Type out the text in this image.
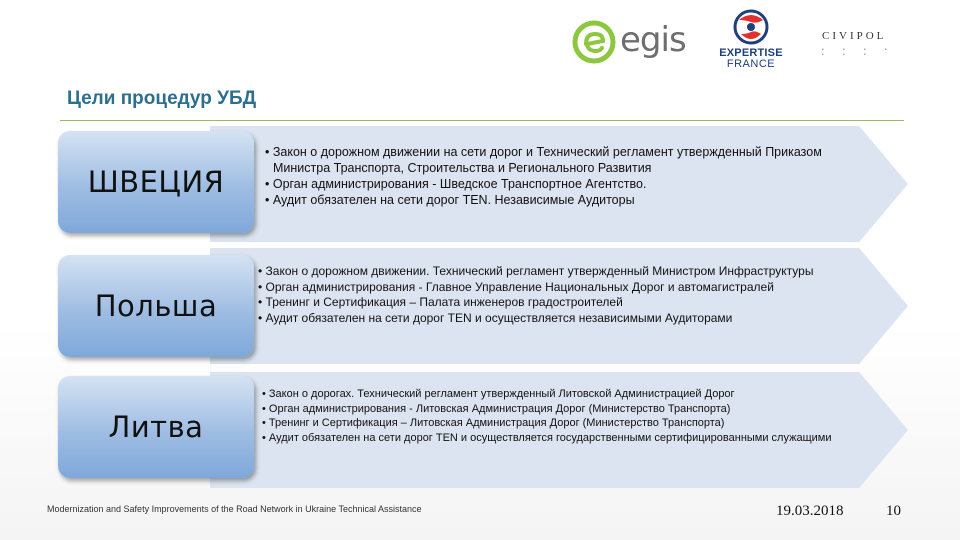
egis	EXPERTISE
FRANCE
CIVIPOL
• • • • • • •
Цели процедур УБД
ШВЕЦИЯ

• Закон о дорожном движении на сети дорог и Технический регламент утвержденный Приказом Министра Транспорта, Строительства и Регионального Развития

• Орган администрирования - Шведское Транспортное Агентство.

• Аудит обязателен на сети дорог TEN. Независимые Аудиторы

Польша

• Закон о дорожном движении. Технический регламент утвержденный Министром Инфраструктуры

• Орган администрирования - Главное Управление Национальных Дорог и автомагистралей

• Тренинг и Сертификация – Палата инженеров градостроителей

• Аудит обязателен на сети дорог TEN и осуществляется независимыми Аудиторами

Литва

• Закон о дорогах. Технический регламент утвержденный Литовской Администрацией Дорог

• Орган администрирования - Литовская Администрация Дорог (Министерство Транспорта)

• Тренинг и Сертификация – Литовская Администрация Дорог (Министерство Транспорта)

• Аудит обязателен на сети дорог TEN и осуществляется государственными сертифицированными служащими

Modernization and Safety Improvements of the Road Network in Ukraine Technical Assistance	19.03.2018	10
